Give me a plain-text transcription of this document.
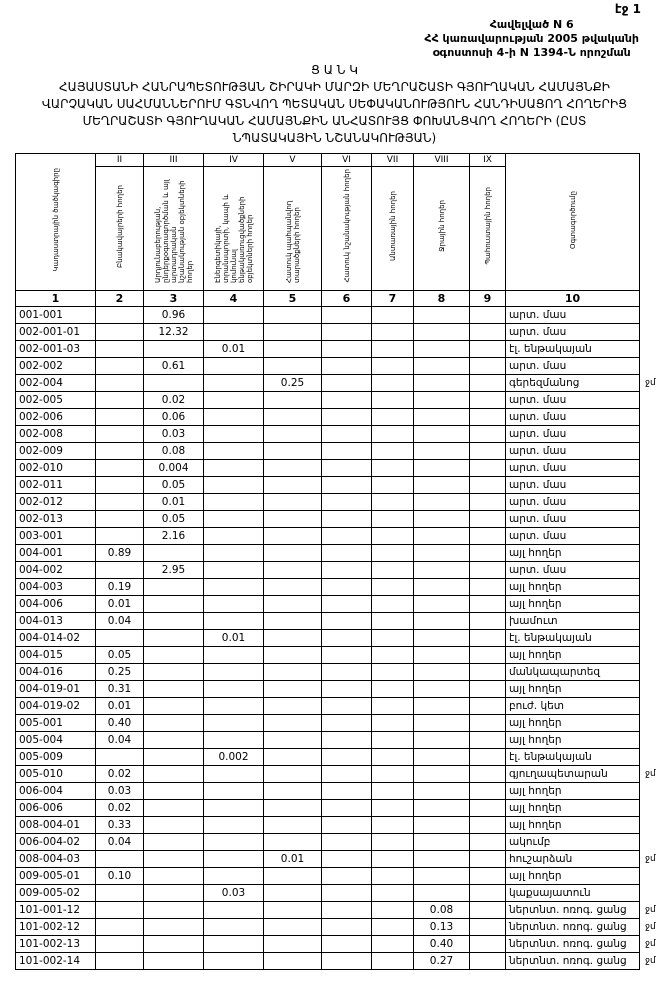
էջ 1
Հավելված N 6
ՀՀ կառավարության 2005 թվականի
օգոստոսի 4-ի N 1394-Ն որոշման
Ց Ա Ն Կ
ՀԱՅԱՍՏԱՆԻ ՀԱՆՐԱՊԵՏՈՒԹՅԱՆ ՇԻՐԱԿԻ ՄԱՐԶԻ ՄԵՂՐԱՇԱՏԻ ԳՅՈՒՂԱԿԱՆ ՀԱՄԱՅՆՔԻ
ՎԱՐՉԱԿԱՆ ՍԱՀՄԱՆՆԵՐՈՒՄ ԳՏՆՎՈՂ ՊԵՏԱԿԱՆ ՍԵՓԱԿԱՆՈՒԹՅՈՒՆ ՀԱՆԴԻՍԱՑՈՂ ՀՈՂԵՐԻՑ
ՄԵՂՐԱՇԱՏԻ ԳՅՈՒՂԱԿԱՆ ՀԱՄԱՅՆՔԻՆ ԱՆՀԱՏՈՒՅՑ ՓՈԽԱՆՑՎՈՂ ՀՈՂԵՐԻ (ԸՍՏ
ՆՊԱՏԱԿԱՅԻՆ ՆՇԱՆԱԿՈՒԹՅԱՆ)
Կադաստրային ծածկագիրը	II	III	IV	V	VI	VII	VIII	IX	Օգտագործումը
	Բնակավայրերի հողեր	Արդյունաբերության, ընդերքօգտագործման և այլ արտադրական նշանակության օբյեկտների հողեր	Էներգետիկայի, տրանսպորտի, կապի և կոմունալ ենթակառուցվածքների օբյեկտների հողեր	Հատուկ պահպանվող տարածքների հողեր	Հատուկ նշանակության հողեր	Անտառային հողեր	Ջրային հողեր	Պահուստային հողեր	
1	2	3	4	5	6	7	8	9	10
001-001		0.96							արտ. մաս
002-001-01		12.32							արտ. մաս
002-001-03			0.01						էլ. ենթակայան
002-002		0.61							արտ. մաս
002-004				0.25					գերեզմանոց
002-005		0.02							արտ. մաս
002-006		0.06							արտ. մաս
002-008		0.03							արտ. մաս
002-009		0.08							արտ. մաս
002-010		0.004							արտ. մաս
002-011		0.05							արտ. մաս
002-012		0.01							արտ. մաս
002-013		0.05							արտ. մաս
003-001		2.16							արտ. մաս
004-001	0.89								այլ հողեր
004-002		2.95							արտ. մաս
004-003	0.19								այլ հողեր
004-006	0.01								այլ հողեր
004-013	0.04								խամուտ
004-014-02			0.01						էլ. ենթակայան
004-015	0.05								այլ հողեր
004-016	0.25								մանկապարտեզ
004-019-01	0.31								այլ հողեր
004-019-02	0.01								բուժ. կետ
005-001	0.40								այլ հողեր
005-004	0.04								այլ հողեր
005-009			0.002						էլ. ենթակայան
005-010	0.02								գյուղապետարան
006-004	0.03								այլ հողեր
006-006	0.02								այլ հողեր
008-004-01	0.33								այլ հողեր
006-004-02	0.04								ակումբ
008-004-03				0.01					հուշարձան
009-005-01	0.10								այլ հողեր
009-005-02			0.03						կաքսայատուն
101-001-12							0.08		ներտնտ. ոռոգ. ցանց
101-002-12							0.13		ներտնտ. ոռոգ. ցանց
101-002-13							0.40		ներտնտ. ոռոգ. ցանց
101-002-14							0.27		ներտնտ. ոռոգ. ցանց
ջմ
ջմ
ջմ
ջմ
ջմ
ջմ
ջմ
